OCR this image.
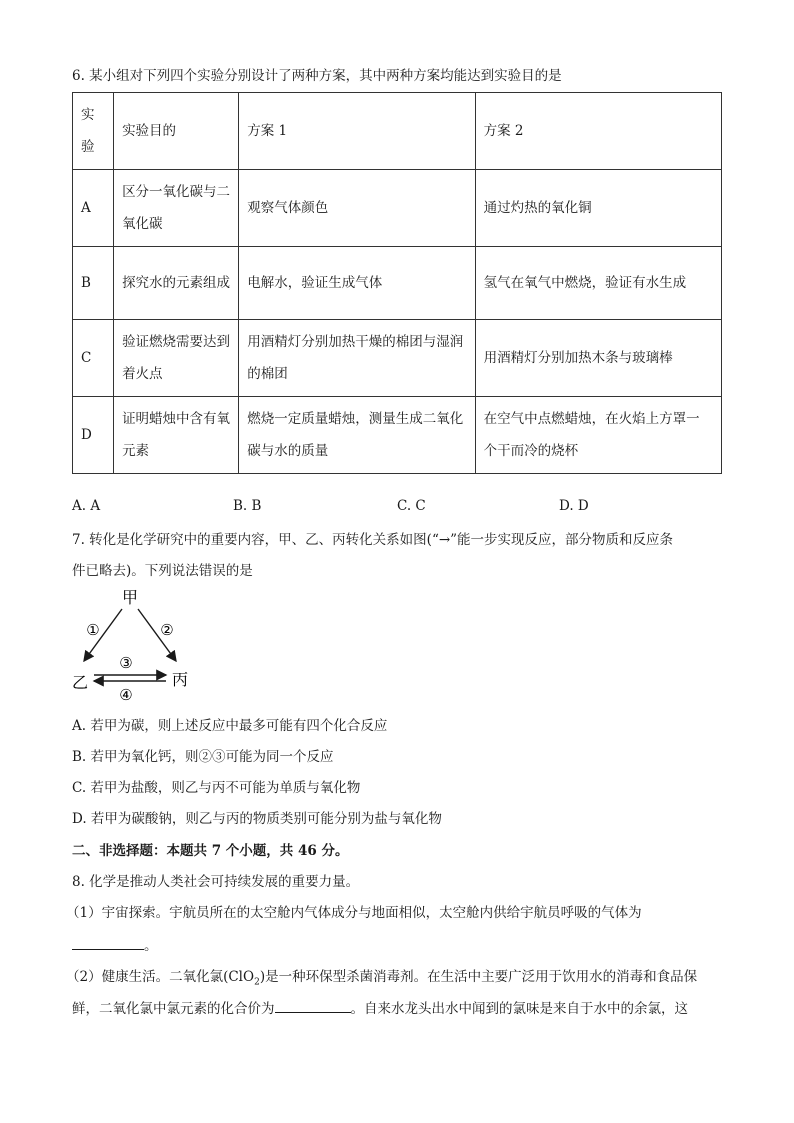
6. 某小组对下列四个实验分别设计了两种方案，其中两种方案均能达到实验目的是
实验	实验目的	方案 1	方案 2

A	区分一氧化碳与二氧化碳	观察气体颜色	通过灼热的氧化铜

B	探究水的元素组成	电解水，验证生成气体	氢气在氧气中燃烧，验证有水生成

C	验证燃烧需要达到着火点	用酒精灯分别加热干燥的棉团与湿润的棉团	用酒精灯分别加热木条与玻璃棒

D	证明蜡烛中含有氧元素	燃烧一定质量蜡烛，测量生成二氧化碳与水的质量	在空气中点燃蜡烛，在火焰上方罩一个干而冷的烧杯
A. A	B. B	C. C	D. D
7. 转化是化学研究中的重要内容，甲、乙、丙转化关系如图(“→”能一步实现反应，部分物质和反应条
件已略去)。下列说法错误的是
甲
乙	丙
①	②
③
④
A. 若甲为碳，则上述反应中最多可能有四个化合反应
B. 若甲为氧化钙，则②③可能为同一个反应
C. 若甲为盐酸，则乙与丙不可能为单质与氧化物
D. 若甲为碳酸钠，则乙与丙的物质类别可能分别为盐与氧化物
二、非选择题：本题共 7 个小题，共 46 分。
8. 化学是推动人类社会可持续发展的重要力量。
（1）宇宙探索。宇航员所在的太空舱内气体成分与地面相似，太空舱内供给宇航员呼吸的气体为
。
（2）健康生活。二氧化氯(ClO$_2$)是一种环保型杀菌消毒剂。在生活中主要广泛用于饮用水的消毒和食品保
鲜，二氧化氯中氯元素的化合价为	。自来水龙头出水中闻到的氯味是来自于水中的余氯，这
